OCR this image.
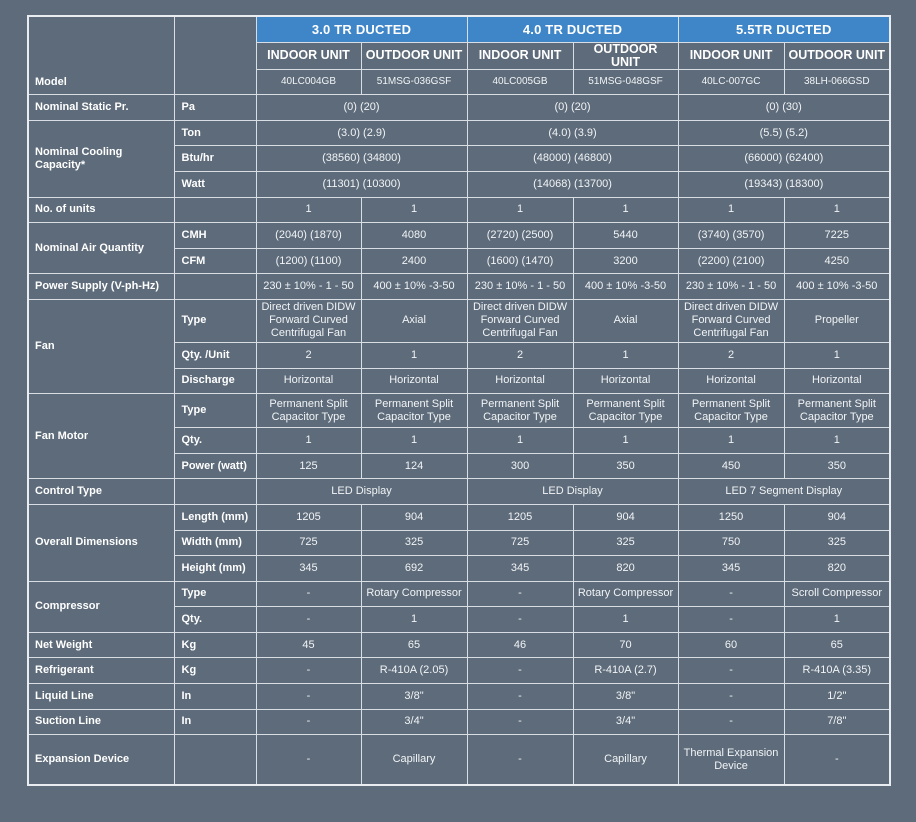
Model		3.0 TR DUCTED		4.0 TR DUCTED		5.5TR DUCTED	
		INDOOR UNIT	OUTDOOR UNIT	INDOOR UNIT	OUTDOOR UNIT	INDOOR UNIT	OUTDOOR UNIT
		40LC004GB	51MSG-036GSF	40LC005GB	51MSG-048GSF	40LC-007GC	38LH-066GSD
Nominal Static Pr.	Pa	(0) (20)		(0) (20)		(0) (30)	
Nominal Cooling Capacity*	Ton	(3.0) (2.9)		(4.0) (3.9)		(5.5) (5.2)	
	Btu/hr	(38560) (34800)		(48000) (46800)		(66000) (62400)	
	Watt	(11301) (10300)		(14068) (13700)		(19343) (18300)	
No. of units		1	1	1	1	1	1
Nominal Air Quantity	CMH	(2040) (1870)	4080	(2720) (2500)	5440	(3740) (3570)	7225
	CFM	(1200) (1100)	2400	(1600) (1470)	3200	(2200) (2100)	4250
Power Supply (V-ph-Hz)		230 ± 10% - 1 - 50	400 ± 10% -3-50	230 ± 10% - 1 - 50	400 ± 10% -3-50	230 ± 10% - 1 - 50	400 ± 10% -3-50
Fan	Type	Direct driven DIDW Forward Curved Centrifugal Fan	Axial	Direct driven DIDW Forward Curved Centrifugal Fan	Axial	Direct driven DIDW Forward Curved Centrifugal Fan	Propeller
	Qty. /Unit	2	1	2	1	2	1
	Discharge	Horizontal	Horizontal	Horizontal	Horizontal	Horizontal	Horizontal
Fan Motor	Type	Permanent Split Capacitor Type	Permanent Split Capacitor Type	Permanent Split Capacitor Type	Permanent Split Capacitor Type	Permanent Split Capacitor Type	Permanent Split Capacitor Type
	Qty.	1	1	1	1	1	1
	Power (watt)	125	124	300	350	450	350
Control Type		LED Display		LED Display		LED 7 Segment Display	
Overall Dimensions	Length (mm)	1205	904	1205	904	1250	904
	Width (mm)	725	325	725	325	750	325
	Height (mm)	345	692	345	820	345	820
Compressor	Type	-	Rotary Compressor	-	Rotary Compressor	-	Scroll Compressor
	Qty.	-	1	-	1	-	1
Net Weight	Kg	45	65	46	70	60	65
Refrigerant	Kg	-	R-410A (2.05)	-	R-410A (2.7)	-	R-410A (3.35)
Liquid Line	In	-	3/8"	-	3/8"	-	1/2"
Suction Line	In	-	3/4"	-	3/4"	-	7/8"
Expansion Device		-	Capillary	-	Capillary	Thermal Expansion Device	-
